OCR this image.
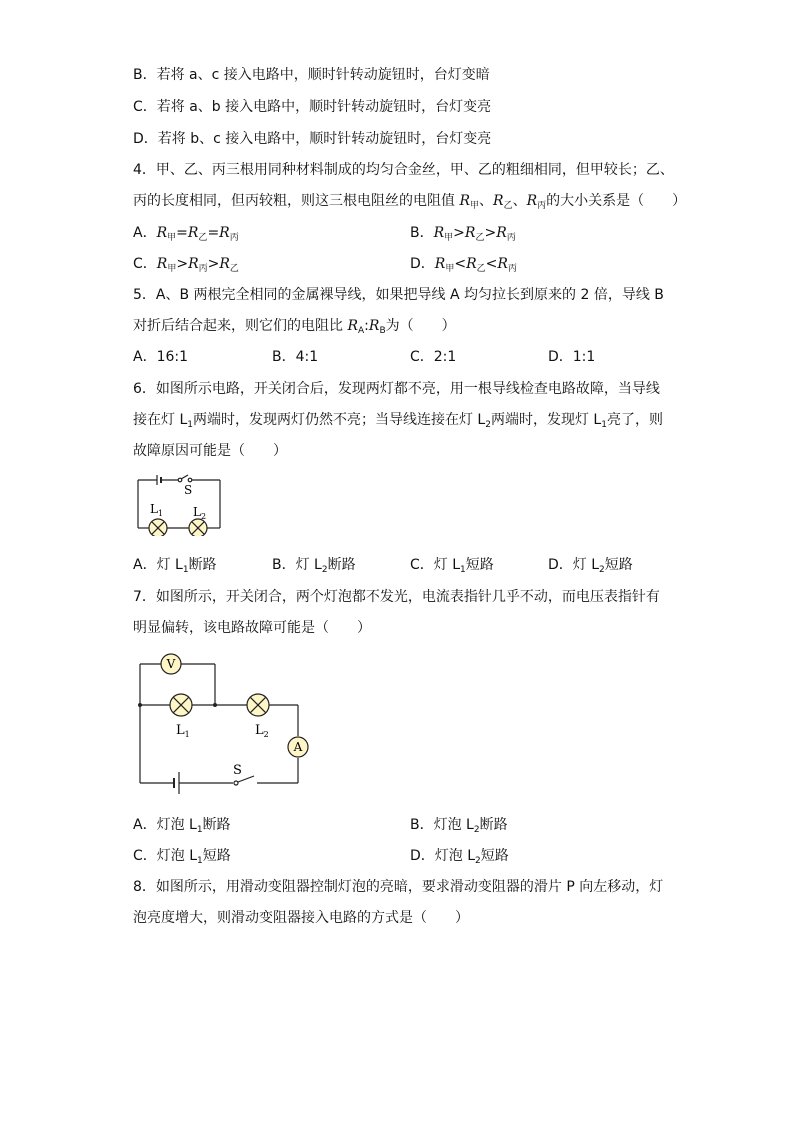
B．若将 a、c 接入电路中，顺时针转动旋钮时，台灯变暗
C．若将 a、b 接入电路中，顺时针转动旋钮时，台灯变亮
D．若将 b、c 接入电路中，顺时针转动旋钮时，台灯变亮
4．甲、乙、丙三根用同种材料制成的均匀合金丝，甲、乙的粗细相同，但甲较长；乙、
丙的长度相同，但丙较粗，则这三根电阻丝的电阻值 $R_甲$、$R_乙$、$R_丙$的大小关系是（　　）
A．$R_甲=R_乙=R_丙$	B．$R_甲>R_乙>R_丙$
C．$R_甲>R_丙>R_乙$	D．$R_甲<R_乙<R_丙$
5．A、B 两根完全相同的金属裸导线，如果把导线 A 均匀拉长到原来的 2 倍，导线 B
对折后结合起来，则它们的电阻比 $R_A:R_B$为（　　）
A．16:1	B．4:1	C．2:1	D．1:1
6．如图所示电路，开关闭合后，发现两灯都不亮，用一根导线检查电路故障，当导线
接在灯 $L_1$两端时，发现两灯仍然不亮；当导线连接在灯 $L_2$两端时，发现灯 $L_1$亮了，则
故障原因可能是（　　）
S
$L_1$ $L_2$
A．灯 $L_1$断路	B．灯 $L_2$断路	C．灯 $L_1$短路	D．灯 $L_2$短路
7．如图所示，开关闭合，两个灯泡都不发光，电流表指针几乎不动，而电压表指针有
明显偏转，该电路故障可能是（　　）
V
A
S
$L_1$	$L_2$
A．灯泡 $L_1$断路	B．灯泡 $L_2$断路
C．灯泡 $L_1$短路	D．灯泡 $L_2$短路
8．如图所示，用滑动变阻器控制灯泡的亮暗，要求滑动变阻器的滑片 P 向左移动，灯
泡亮度增大，则滑动变阻器接入电路的方式是（　　）
